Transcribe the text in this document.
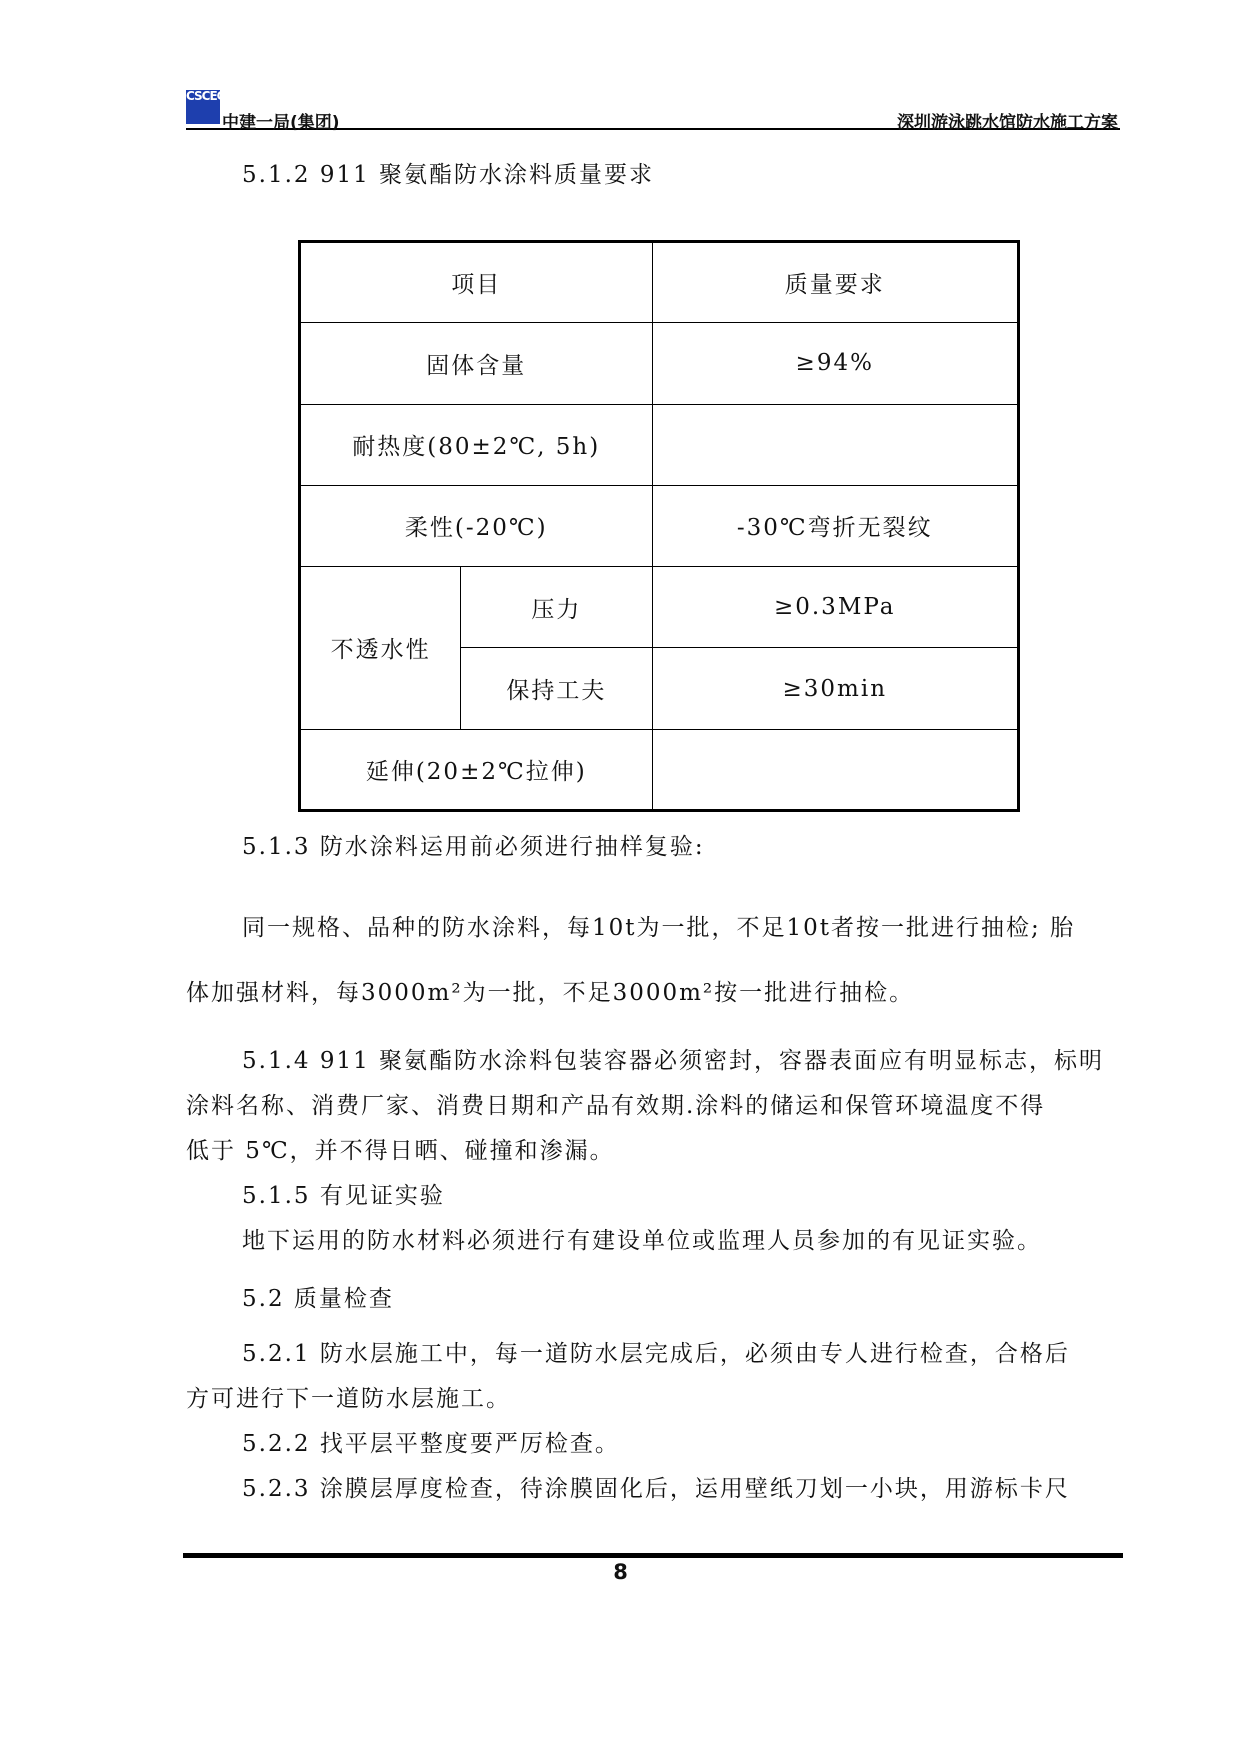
CSCEC
中建一局(集团)	深圳游泳跳水馆防水施工方案
5.1.2 911 聚氨酯防水涂料质量要求
项目		质量要求
固体含量		≥94%
耐热度(80±2℃, 5h)		
柔性(-20℃)		-30℃弯折无裂纹
不透水性	压力	≥0.3MPa
	保持工夫	≥30min
延伸(20±2℃拉伸)		
5.1.3 防水涂料运用前必须进行抽样复验:
同一规格、品种的防水涂料，每10t为一批，不足10t者按一批进行抽检; 胎
体加强材料，每3000m²为一批，不足3000m²按一批进行抽检。
5.1.4 911 聚氨酯防水涂料包装容器必须密封，容器表面应有明显标志，标明
涂料名称、消费厂家、消费日期和产品有效期.涂料的储运和保管环境温度不得
低于 5℃，并不得日晒、碰撞和渗漏。
5.1.5 有见证实验
地下运用的防水材料必须进行有建设单位或监理人员参加的有见证实验。
5.2 质量检查
5.2.1 防水层施工中，每一道防水层完成后，必须由专人进行检查，合格后
方可进行下一道防水层施工。
5.2.2 找平层平整度要严厉检查。
5.2.3 涂膜层厚度检查，待涂膜固化后，运用壁纸刀划一小块，用游标卡尺
8
